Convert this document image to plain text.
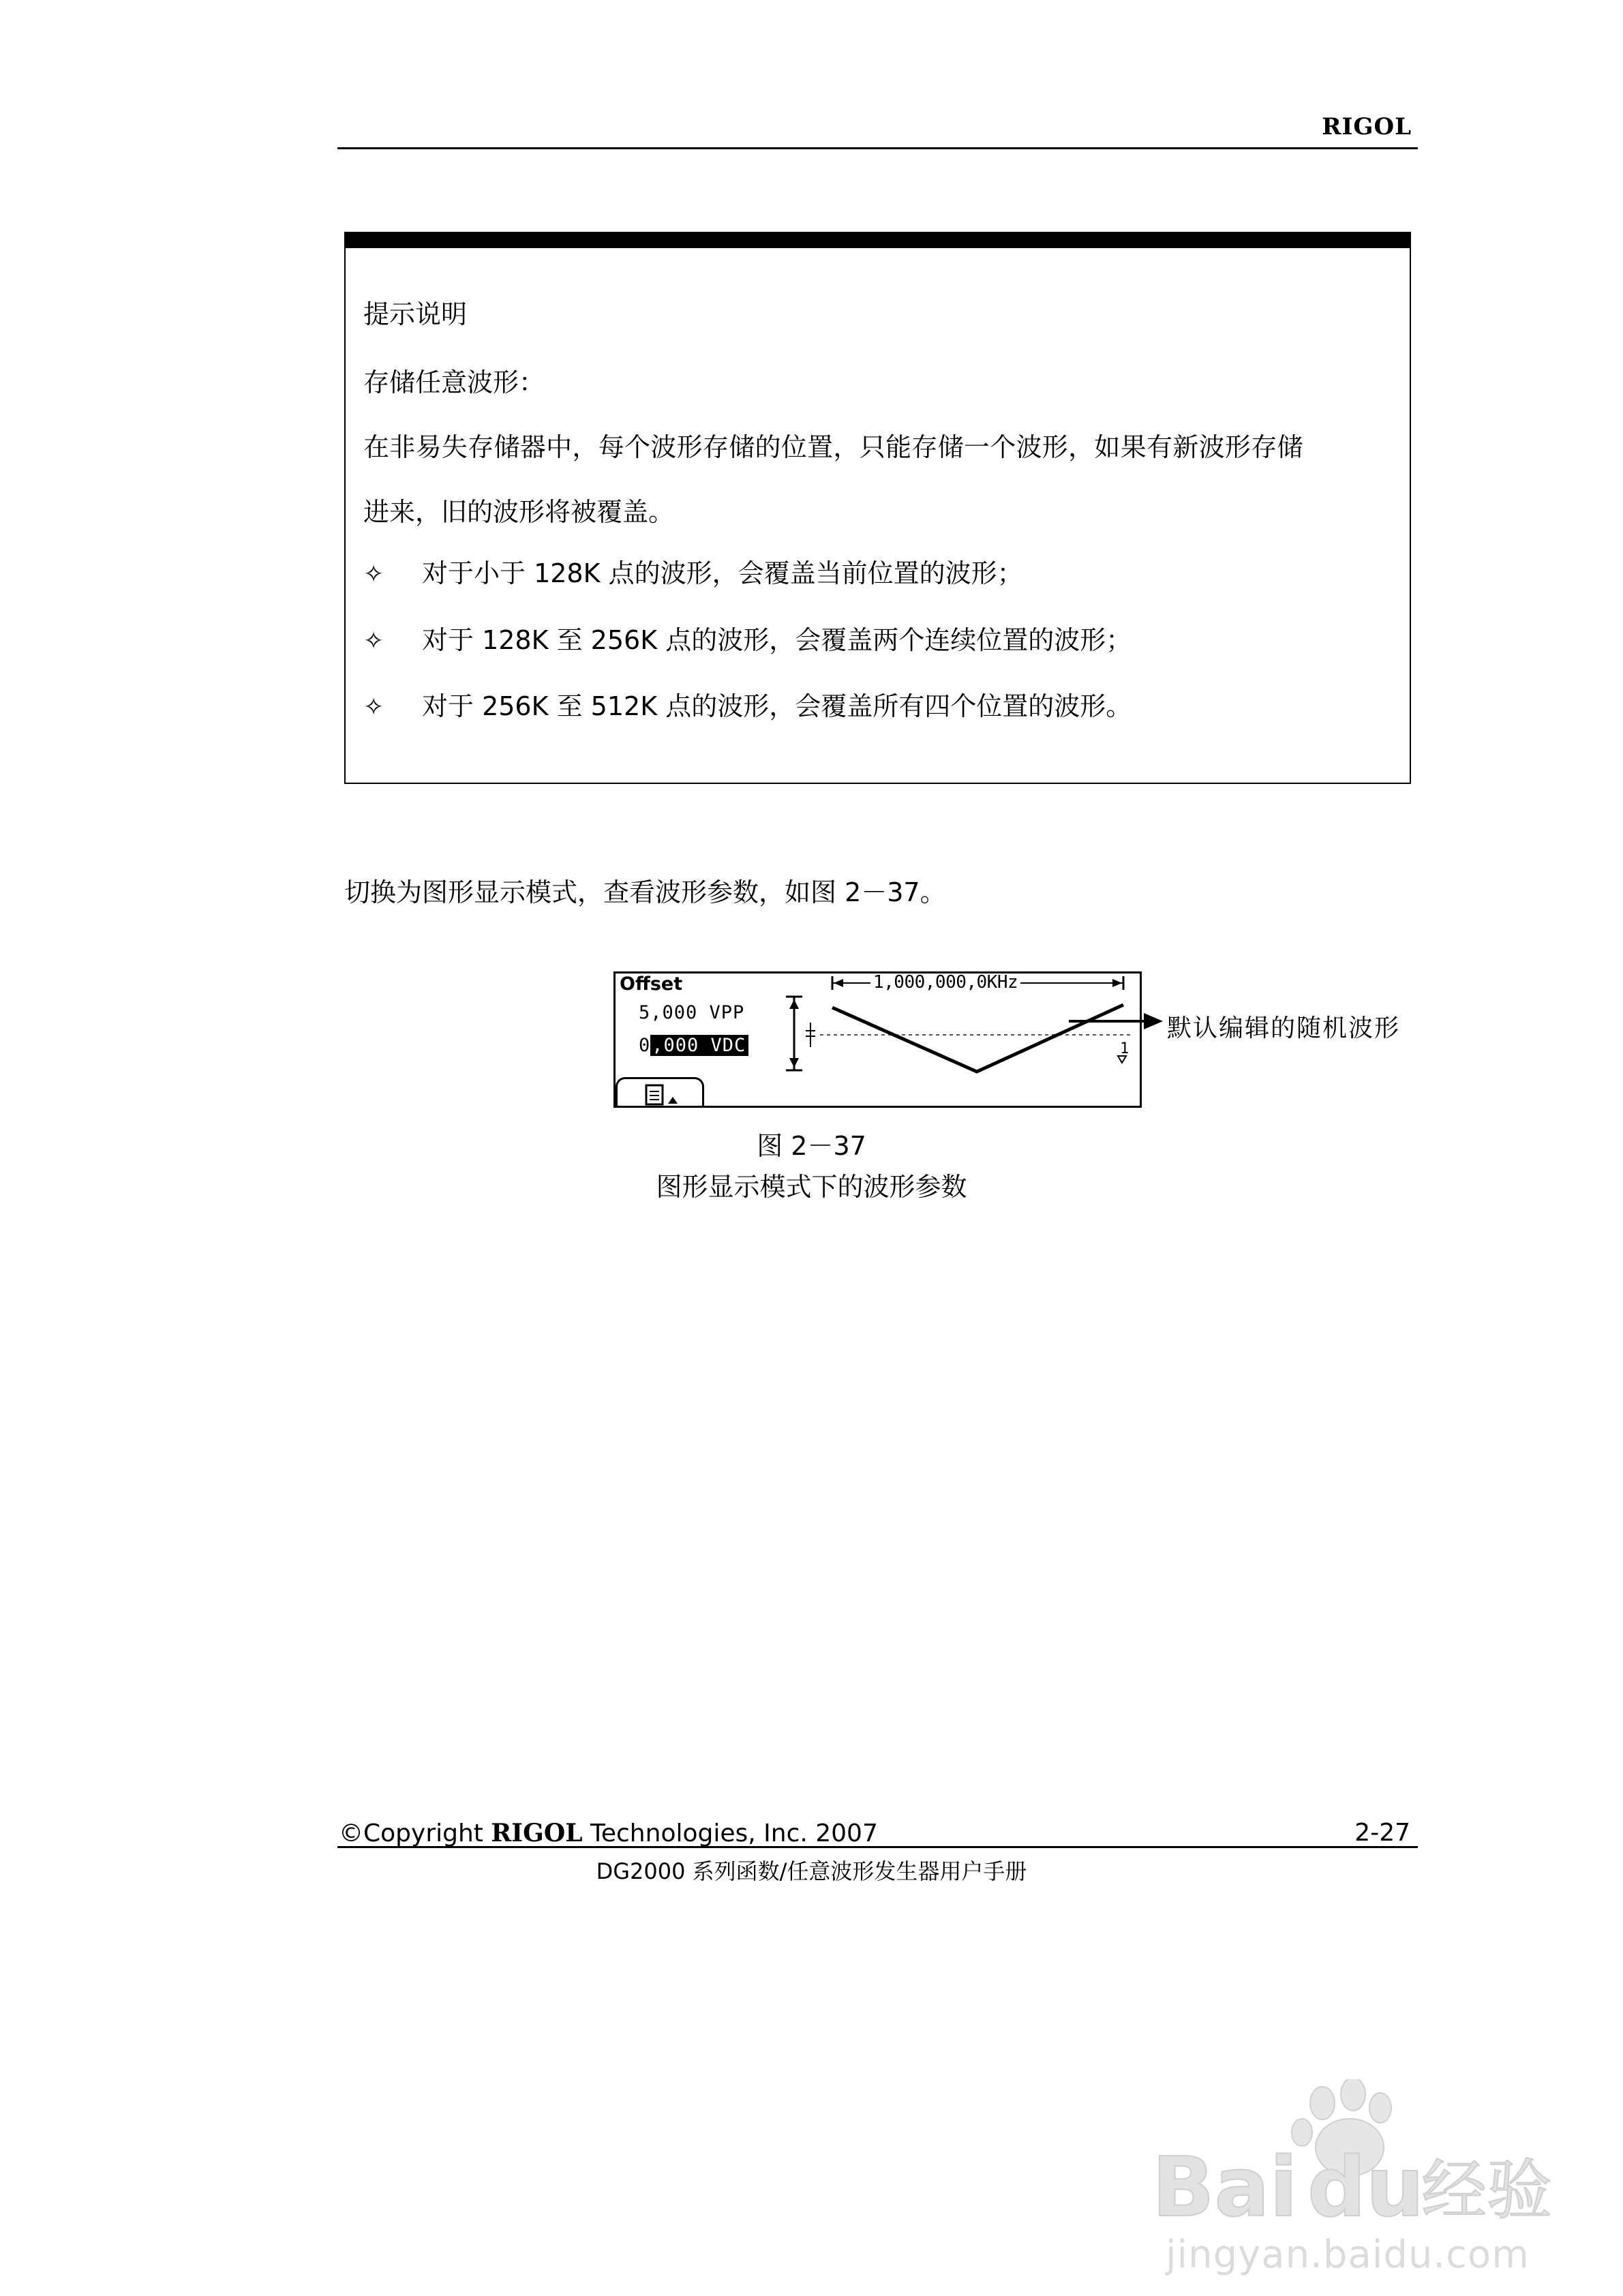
RIGOL
提示说明
存储任意波形：
在非易失存储器中，每个波形存储的位置，只能存储一个波形，如果有新波形存储
进来，旧的波形将被覆盖。
✧ 对于小于 128K 点的波形，会覆盖当前位置的波形；
✧ 对于 128K 至 256K 点的波形，会覆盖两个连续位置的波形；
✧ 对于 256K 至 512K 点的波形，会覆盖所有四个位置的波形。
切换为图形显示模式，查看波形参数，如图 2－37。
Offset
5,000 VPP
0,000 VDC	1
1,000,000,0KHz
默认编辑的随机波形
图 2－37
图形显示模式下的波形参数
©Copyright RIGOL Technologies, Inc. 2007	2-27
DG2000 系列函数/任意波形发生器用户手册
Bai du
经验
jingyan.baidu.com
